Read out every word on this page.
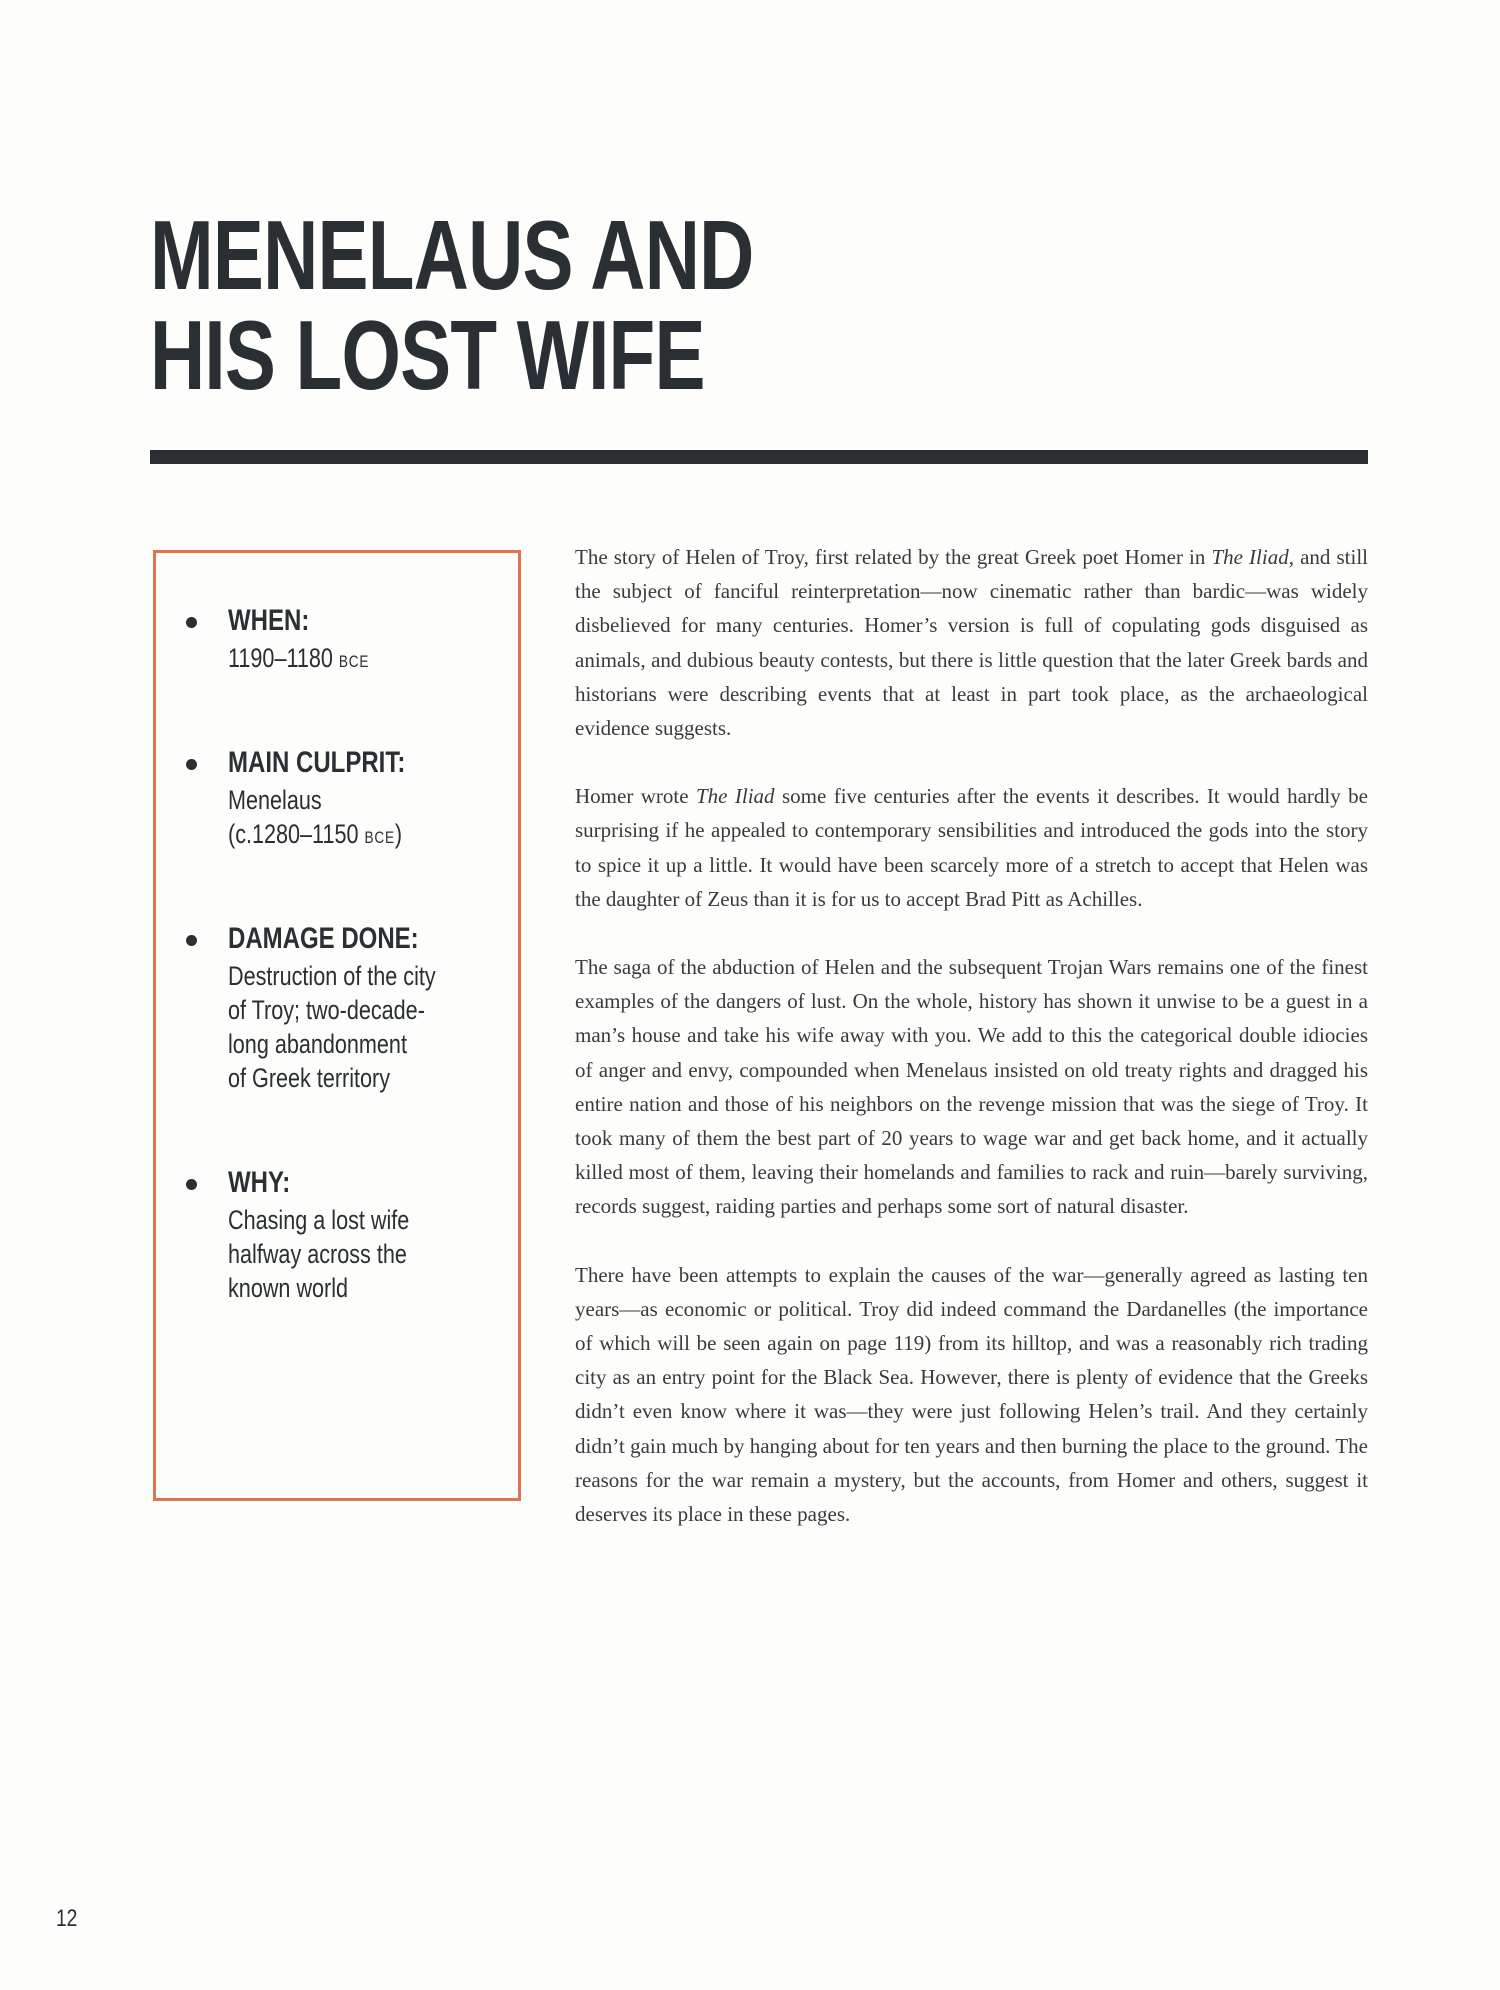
MENELAUS AND
HIS LOST WIFE
WHEN:
1190–1180 BCE
MAIN CULPRIT:
Menelaus
(c.1280–1150 BCE)
DAMAGE DONE:
Destruction of the city
of Troy; two-decade-
long abandonment
of Greek territory
WHY:
Chasing a lost wife
halfway across the
known world

The story of Helen of Troy, first related by the great Greek poet Homer in The Iliad, and still the subject of fanciful reinterpretation—now cinematic rather than bardic—was widely disbelieved for many centuries. Homer’s version is full of copulating gods disguised as animals, and dubious beauty contests, but there is little question that the later Greek bards and historians were describing events that at least in part took place, as the archaeological evidence suggests.

Homer wrote The Iliad some five centuries after the events it describes. It would hardly be surprising if he appealed to contemporary sensibilities and introduced the gods into the story to spice it up a little. It would have been scarcely more of a stretch to accept that Helen was the daughter of Zeus than it is for us to accept Brad Pitt as Achilles.

The saga of the abduction of Helen and the subsequent Trojan Wars remains one of the finest examples of the dangers of lust. On the whole, history has shown it unwise to be a guest in a man’s house and take his wife away with you. We add to this the categorical double idiocies of anger and envy, compounded when Menelaus insisted on old treaty rights and dragged his entire nation and those of his neighbors on the revenge mission that was the siege of Troy. It took many of them the best part of 20 years to wage war and get back home, and it actually killed most of them, leaving their homelands and families to rack and ruin—barely surviving, records suggest, raiding parties and perhaps some sort of natural disaster.

There have been attempts to explain the causes of the war—generally agreed as lasting ten years—as economic or political. Troy did indeed command the Dardanelles (the importance of which will be seen again on page 119) from its hilltop, and was a reasonably rich trading city as an entry point for the Black Sea. However, there is plenty of evidence that the Greeks didn’t even know where it was—they were just following Helen’s trail. And they certainly didn’t gain much by hanging about for ten years and then burning the place to the ground. The reasons for the war remain a mystery, but the accounts, from Homer and others, suggest it deserves its place in these pages.

12
